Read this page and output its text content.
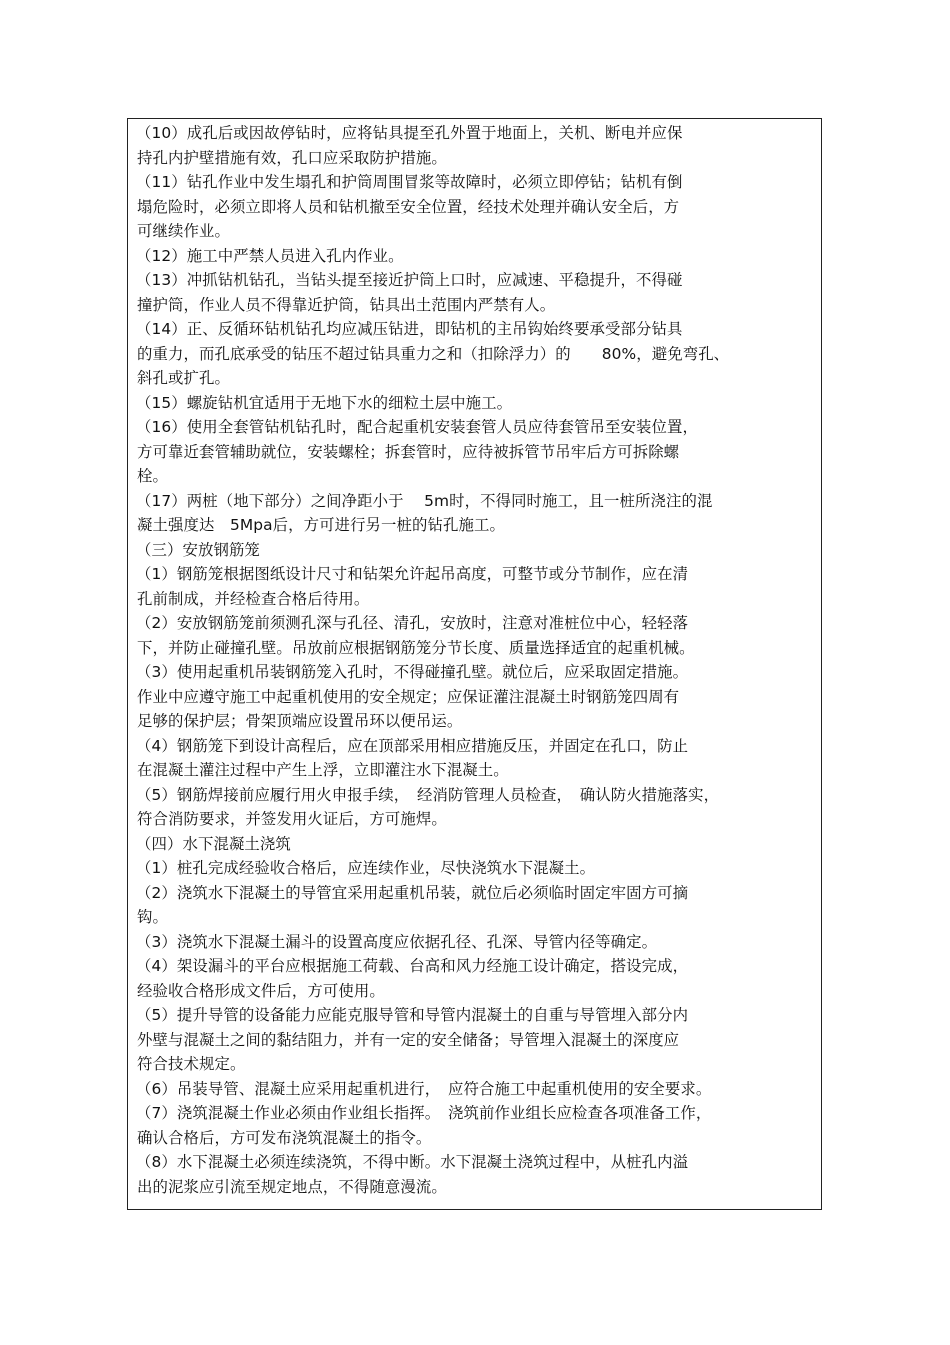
（10）成孔后或因故停钻时，应将钻具提至孔外置于地面上，关机、断电并应保
持孔内护壁措施有效，孔口应采取防护措施。
（11）钻孔作业中发生塌孔和护筒周围冒浆等故障时，必须立即停钻；钻机有倒
塌危险时，必须立即将人员和钻机撤至安全位置，经技术处理并确认安全后，方
可继续作业。
（12）施工中严禁人员进入孔内作业。
（13）冲抓钻机钻孔，当钻头提至接近护筒上口时，应减速、平稳提升，不得碰
撞护筒，作业人员不得靠近护筒，钻具出土范围内严禁有人。
（14）正、反循环钻机钻孔均应减压钻进，即钻机的主吊钩始终要承受部分钻具
的重力，而孔底承受的钻压不超过钻具重力之和（扣除浮力）的　　80%，避免弯孔、
斜孔或扩孔。
（15）螺旋钻机宜适用于无地下水的细粒土层中施工。
（16）使用全套管钻机钻孔时，配合起重机安装套管人员应待套管吊至安装位置，
方可靠近套管辅助就位，安装螺栓；拆套管时，应待被拆管节吊牢后方可拆除螺
栓。
（17）两桩（地下部分）之间净距小于　 5m时，不得同时施工，且一桩所浇注的混
凝土强度达　5Mpa后，方可进行另一桩的钻孔施工。
（三）安放钢筋笼
（1）钢筋笼根据图纸设计尺寸和钻架允许起吊高度，可整节或分节制作，应在清
孔前制成，并经检查合格后待用。
（2）安放钢筋笼前须测孔深与孔径、清孔，安放时，注意对准桩位中心，轻轻落
下，并防止碰撞孔壁。吊放前应根据钢筋笼分节长度、质量选择适宜的起重机械。
（3）使用起重机吊装钢筋笼入孔时，不得碰撞孔壁。就位后，应采取固定措施。
作业中应遵守施工中起重机使用的安全规定；应保证灌注混凝土时钢筋笼四周有
足够的保护层；骨架顶端应设置吊环以便吊运。
（4）钢筋笼下到设计高程后，应在顶部采用相应措施反压，并固定在孔口，防止
在混凝土灌注过程中产生上浮，立即灌注水下混凝土。
（5）钢筋焊接前应履行用火申报手续，　经消防管理人员检查，　确认防火措施落实，
符合消防要求，并签发用火证后，方可施焊。
（四）水下混凝土浇筑
（1）桩孔完成经验收合格后，应连续作业，尽快浇筑水下混凝土。
（2）浇筑水下混凝土的导管宜采用起重机吊装，就位后必须临时固定牢固方可摘
钩。
（3）浇筑水下混凝土漏斗的设置高度应依据孔径、孔深、导管内径等确定。
（4）架设漏斗的平台应根据施工荷载、台高和风力经施工设计确定，搭设完成，
经验收合格形成文件后，方可使用。
（5）提升导管的设备能力应能克服导管和导管内混凝土的自重与导管埋入部分内
外壁与混凝土之间的黏结阻力，并有一定的安全储备；导管埋入混凝土的深度应
符合技术规定。
（6）吊装导管、混凝土应采用起重机进行，　应符合施工中起重机使用的安全要求。
（7）浇筑混凝土作业必须由作业组长指挥。　浇筑前作业组长应检查各项准备工作，
确认合格后，方可发布浇筑混凝土的指令。
（8）水下混凝土必须连续浇筑，不得中断。水下混凝土浇筑过程中，从桩孔内溢
出的泥浆应引流至规定地点，不得随意漫流。
